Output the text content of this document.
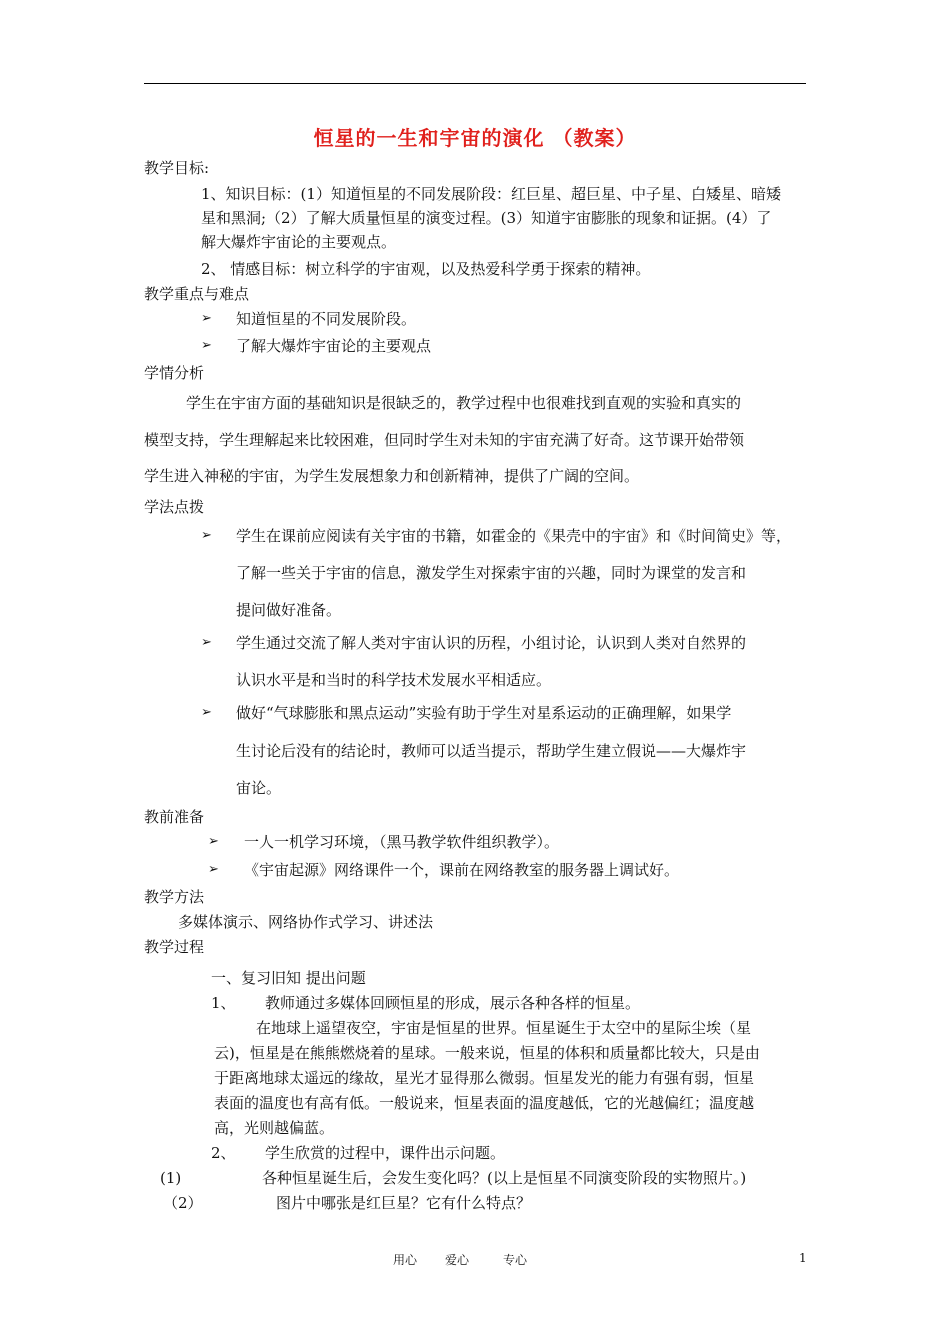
恒星的一生和宇宙的演化 （教案）
教学目标:
1、知识目标：(1）知道恒星的不同发展阶段：红巨星、超巨星、中子星、白矮星、暗矮
星和黑洞;（2）了解大质量恒星的演变过程。(3）知道宇宙膨胀的现象和证据。(4）了
解大爆炸宇宙论的主要观点。
2、 情感目标：树立科学的宇宙观，以及热爱科学勇于探索的精神。
教学重点与难点
➢ 知道恒星的不同发展阶段。
➢ 了解大爆炸宇宙论的主要观点
学情分析
学生在宇宙方面的基础知识是很缺乏的，教学过程中也很难找到直观的实验和真实的
模型支持，学生理解起来比较困难，但同时学生对未知的宇宙充满了好奇。这节课开始带领
学生进入神秘的宇宙，为学生发展想象力和创新精神，提供了广阔的空间。
学法点拨
➢ 学生在课前应阅读有关宇宙的书籍，如霍金的《果壳中的宇宙》和《时间简史》等，
了解一些关于宇宙的信息，激发学生对探索宇宙的兴趣，同时为课堂的发言和
提问做好准备。
➢ 学生通过交流了解人类对宇宙认识的历程，小组讨论，认识到人类对自然界的
认识水平是和当时的科学技术发展水平相适应。
➢ 做好“气球膨胀和黑点运动”实验有助于学生对星系运动的正确理解，如果学
生讨论后没有的结论时，教师可以适当提示，帮助学生建立假说——大爆炸宇
宙论。
教前准备
➢ 一人一机学习环境，（黑马教学软件组织教学）。
➢ 《宇宙起源》网络课件一个，课前在网络教室的服务器上调试好。
教学方法
多媒体演示、网络协作式学习、讲述法
教学过程
一、复习旧知 提出问题
1、 教师通过多媒体回顾恒星的形成，展示各种各样的恒星。
在地球上遥望夜空，宇宙是恒星的世界。恒星诞生于太空中的星际尘埃（星
云)，恒星是在熊熊燃烧着的星球。一般来说，恒星的体积和质量都比较大，只是由
于距离地球太遥远的缘故，星光才显得那么微弱。恒星发光的能力有强有弱，恒星
表面的温度也有高有低。一般说来，恒星表面的温度越低，它的光越偏红；温度越
高，光则越偏蓝。
2、 学生欣赏的过程中，课件出示问题。
(1)	各种恒星诞生后，会发生变化吗？(以上是恒星不同演变阶段的实物照片。)
（2）	图片中哪张是红巨星？它有什么特点？
用心 爱心	专心	1
